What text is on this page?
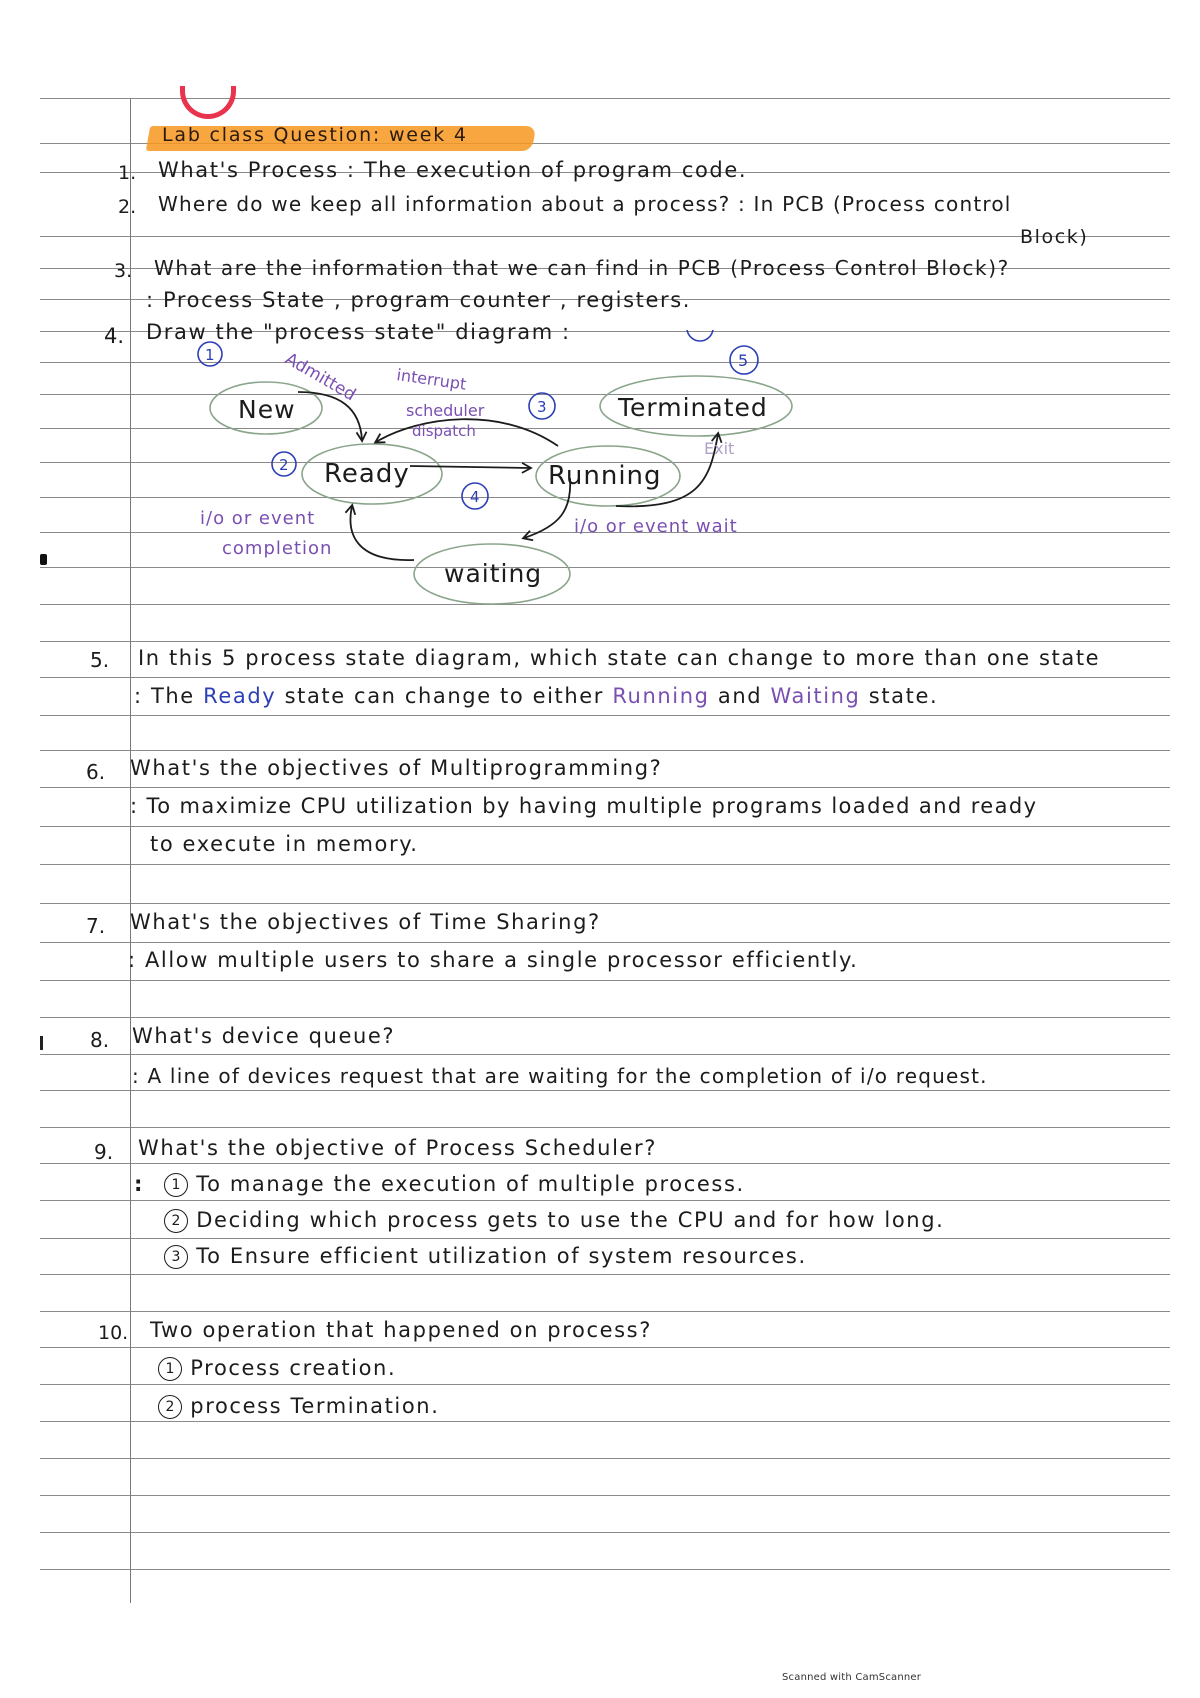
Lab class Question: week 4
1. What's Process : The execution of program code.
2. Where do we keep all information about a process? : In PCB (Process control
Block)
3. What are the information that we can find in PCB (Process Control Block)?
: Process State , program counter , registers.
4. Draw the "process state" diagram :
New
Ready	Running
waiting
Terminated
1
2
3
4
Admitted interrupt
scheduler
dispatch
Exit
i/o or event
completion
i/o or event wait
5
5. In this 5 process state diagram, which state can change to more than one state
: The Ready state can change to either Running and Waiting state.
6. What's the objectives of Multiprogramming?
: To maximize CPU utilization by having multiple programs loaded and ready
to execute in memory.
7. What's the objectives of Time Sharing?
: Allow multiple users to share a single processor efficiently.
8. What's device queue?
: A line of devices request that are waiting for the completion of i/o request.
9. What's the objective of Process Scheduler?
:	1 To manage the execution of multiple process.
2 Deciding which process gets to use the CPU and for how long.
3 To Ensure efficient utilization of system resources.
10. Two operation that happened on process?
1 Process creation.
2 process Termination.
Scanned with CamScanner
